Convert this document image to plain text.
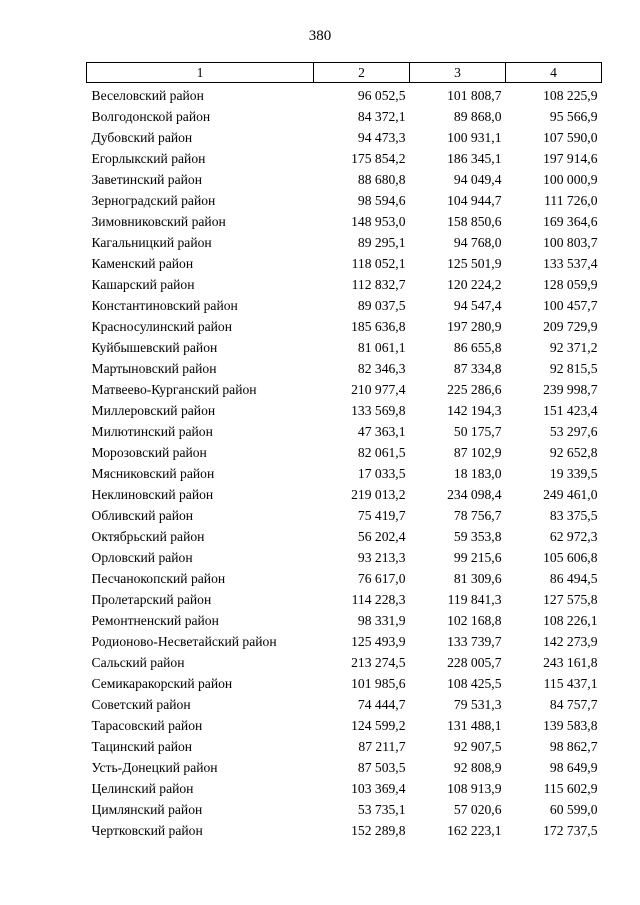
380
1	2	3	4
Веселовский район	96 052,5	101 808,7	108 225,9
Волгодонской район	84 372,1	89 868,0	95 566,9
Дубовский район	94 473,3	100 931,1	107 590,0
Егорлыкский район	175 854,2	186 345,1	197 914,6
Заветинский район	88 680,8	94 049,4	100 000,9
Зерноградский район	98 594,6	104 944,7	111 726,0
Зимовниковский район	148 953,0	158 850,6	169 364,6
Кагальницкий район	89 295,1	94 768,0	100 803,7
Каменский район	118 052,1	125 501,9	133 537,4
Кашарский район	112 832,7	120 224,2	128 059,9
Константиновский район	89 037,5	94 547,4	100 457,7
Красносулинский район	185 636,8	197 280,9	209 729,9
Куйбышевский район	81 061,1	86 655,8	92 371,2
Мартыновский район	82 346,3	87 334,8	92 815,5
Матвеево-Курганский район	210 977,4	225 286,6	239 998,7
Миллеровский район	133 569,8	142 194,3	151 423,4
Милютинский район	47 363,1	50 175,7	53 297,6
Морозовский район	82 061,5	87 102,9	92 652,8
Мясниковский район	17 033,5	18 183,0	19 339,5
Неклиновский район	219 013,2	234 098,4	249 461,0
Обливский район	75 419,7	78 756,7	83 375,5
Октябрьский район	56 202,4	59 353,8	62 972,3
Орловский район	93 213,3	99 215,6	105 606,8
Песчанокопский район	76 617,0	81 309,6	86 494,5
Пролетарский район	114 228,3	119 841,3	127 575,8
Ремонтненский район	98 331,9	102 168,8	108 226,1
Родионово-Несветайский район	125 493,9	133 739,7	142 273,9
Сальский район	213 274,5	228 005,7	243 161,8
Семикаракорский район	101 985,6	108 425,5	115 437,1
Советский район	74 444,7	79 531,3	84 757,7
Тарасовский район	124 599,2	131 488,1	139 583,8
Тацинский район	87 211,7	92 907,5	98 862,7
Усть-Донецкий район	87 503,5	92 808,9	98 649,9
Целинский район	103 369,4	108 913,9	115 602,9
Цимлянский район	53 735,1	57 020,6	60 599,0
Чертковский район	152 289,8	162 223,1	172 737,5
